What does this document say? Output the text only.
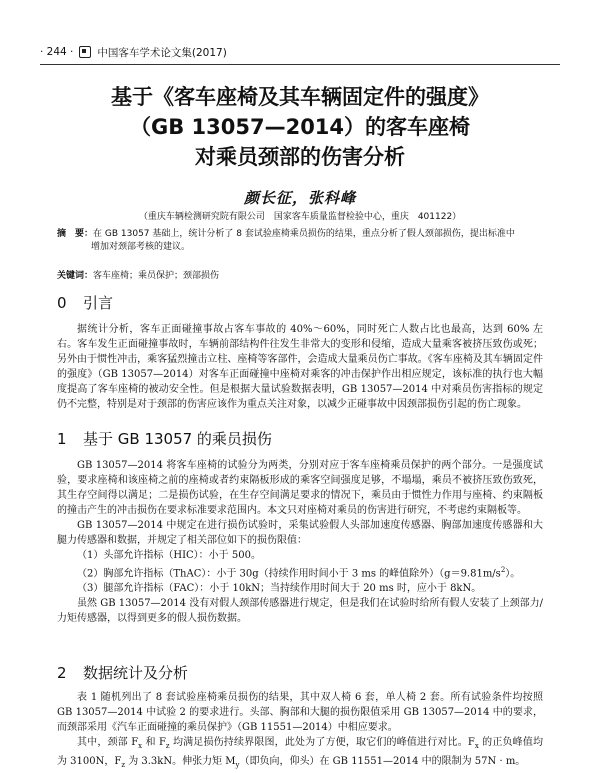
· 244 · 中国客车学术论文集(2017)
基于《客车座椅及其车辆固定件的强度》
（GB 13057—2014）的客车座椅
对乘员颈部的伤害分析
颜长征，张科峰
（重庆车辆检测研究院有限公司　国家客车质量监督检验中心，重庆　401122）

摘　要：在 GB 13057 基础上，统计分析了 8 套试验座椅乘员损伤的结果，重点分析了假人颈部损伤，提出标准中

增加对颈部考核的建议。

关键词：客车座椅；乘员保护；颈部损伤
0 引言

据统计分析，客车正面碰撞事故占客车事故的 40%～60%，同时死亡人数占比也最高，达到 60% 左右。客车发生正面碰撞事故时，车辆前部结构件往发生非常大的变形和侵缩，造成大量乘客被挤压致伤或死；另外由于惯性冲击，乘客猛烈撞击立柱、座椅等客部件，会造成大量乘员伤亡事故。《客车座椅及其车辆固定件的强度》（GB 13057—2014）对客车正面碰撞中座椅对乘客的冲击保护作出相应规定，该标准的执行也大幅度提高了客车座椅的被动安全性。但是根据大量试验数据表明，GB 13057—2014 中对乘员伤害指标的规定仍不完整，特别是对于颈部的伤害应该作为重点关注对象，以减少正碰事故中因颈部损伤引起的伤亡现象。

1 基于 GB 13057 的乘员损伤

GB 13057—2014 将客车座椅的试验分为两类，分别对应于客车座椅乘员保护的两个部分。一是强度试验，要求座椅和该座椅之前的座椅或者约束隔板形成的乘客空间强度足够，不塌塌，乘员不被挤压致伤致死，其生存空间得以满足；二是损伤试验，在生存空间满足要求的情况下，乘员由于惯性力作用与座椅、约束隔板的撞击产生的冲击损伤在要求标准要求范围内。本文只对座椅对乘员的伤害进行研究，不考虑约束隔板等。

GB 13057—2014 中规定在进行损伤试验时，采集试验假人头部加速度传感器、胸部加速度传感器和大腿力传感器和数据，并规定了相关部位如下的损伤限值：

（1）头部允许指标（HIC）：小于 500。

（2）胸部允许指标（ThAC）：小于 30g（持续作用时间小于 3 ms 的峰值除外）$(g=9.81m/s^2)$。

（3）腿部允许指标（FAC）：小于 10kN；当持续作用时间大于 20 ms 时，应小于 8kN。

虽然 GB 13057—2014 没有对假人颈部传感器进行规定，但是我们在试验时给所有假人安装了上颈部力/力矩传感器，以得到更多的假人损伤数据。

2 数据统计及分析

表 1 随机列出了 8 套试验座椅乘员损伤的结果，其中双人椅 6 套，单人椅 2 套。所有试验条件均按照 GB 13057—2014 中试验 2 的要求进行。头部、胸部和大腿的损伤限值采用 GB 13057—2014 中的要求，而颈部采用《汽车正面碰撞的乘员保护》（GB 11551—2014）中相应要求。

其中，颈部 $F_x$ 和 $F_z$ 均满足损伤持续界限图，此处为了方便，取它们的峰值进行对比。$F_x$ 的正负峰值均为 3100N，$F_z$ 为 3.3kN。伸张力矩 $M_y$（即负向，仰头）在 GB 11551—2014 中的限制为 57N · m。
